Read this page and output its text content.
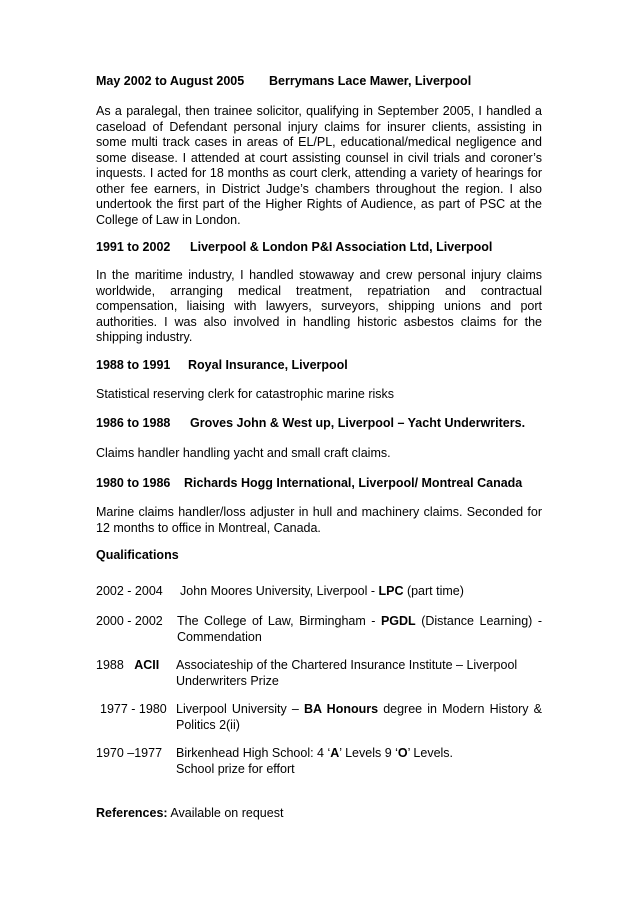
May 2002 to August 2005 Berrymans Lace Mawer, Liverpool

As a paralegal, then trainee solicitor, qualifying in September 2005, I handled a caseload of Defendant personal injury claims for insurer clients, assisting in some multi track cases in areas of EL/PL, educational/medical negligence and some disease. I attended at court assisting counsel in civil trials and coroner’s inquests. I acted for 18 months as court clerk, attending a variety of hearings for other fee earners, in District Judge’s chambers throughout the region. I also undertook the first part of the Higher Rights of Audience, as part of PSC at the College of Law in London.

1991 to 2002 Liverpool & London P&I Association Ltd, Liverpool

In the maritime industry, I handled stowaway and crew personal injury claims worldwide, arranging medical treatment, repatriation and contractual compensation, liaising with lawyers, surveyors, shipping unions and port authorities. I was also involved in handling historic asbestos claims for the shipping industry.

1988 to 1991 Royal Insurance, Liverpool

Statistical reserving clerk for catastrophic marine risks

1986 to 1988 Groves John & West up, Liverpool – Yacht Underwriters.

Claims handler handling yacht and small craft claims.

1980 to 1986 Richards Hogg International, Liverpool/ Montreal Canada

Marine claims handler/loss adjuster in hull and machinery claims. Seconded for 12 months to office in Montreal, Canada.

Qualifications
2002 - 2004 John Moores University, Liverpool - LPC (part time)
2000 - 2002 The College of Law, Birmingham - PGDL (Distance Learning) - Commendation
1988 ACII Associateship of the Chartered Insurance Institute – Liverpool Underwriters Prize
1977 - 1980 Liverpool University – BA Honours degree in Modern History & Politics 2(ii)
1970 –1977 Birkenhead High School: 4 ‘A’ Levels 9 ‘O’ Levels. School prize for effort
References: Available on request
